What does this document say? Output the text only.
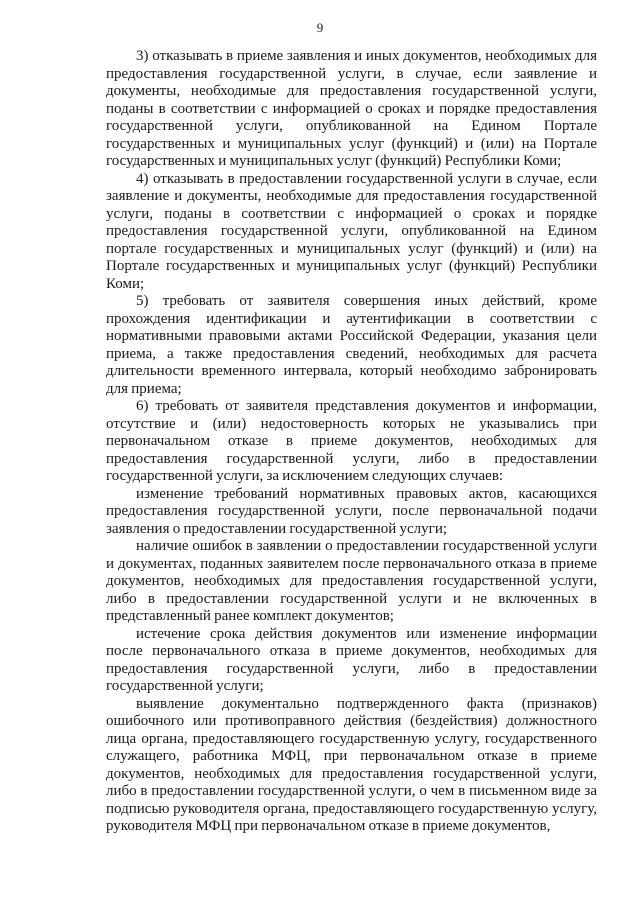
9

3) отказывать в приеме заявления и иных документов, необходимых для предоставления государственной услуги, в случае, если заявление и документы, необходимые для предоставления государственной услуги, поданы в соответствии с информацией о сроках и порядке предоставления государственной услуги, опубликованной на Едином Портале государственных и муниципальных услуг (функций) и (или) на Портале государственных и муниципальных услуг (функций) Республики Коми;

4) отказывать в предоставлении государственной услуги в случае, если заявление и документы, необходимые для предоставления государственной услуги, поданы в соответствии с информацией о сроках и порядке предоставления государственной услуги, опубликованной на Едином портале государственных и муниципальных услуг (функций) и (или) на Портале государственных и муниципальных услуг (функций) Республики Коми;

5) требовать от заявителя совершения иных действий, кроме прохождения идентификации и аутентификации в соответствии с нормативными правовыми актами Российской Федерации, указания цели приема, а также предоставления сведений, необходимых для расчета длительности временного интервала, который необходимо забронировать для приема;

6) требовать от заявителя представления документов и информации, отсутствие и (или) недостоверность которых не указывались при первоначальном отказе в приеме документов, необходимых для предоставления государственной услуги, либо в предоставлении государственной услуги, за исключением следующих случаев:

изменение требований нормативных правовых актов, касающихся предоставления государственной услуги, после первоначальной подачи заявления о предоставлении государственной услуги;

наличие ошибок в заявлении о предоставлении государственной услуги и документах, поданных заявителем после первоначального отказа в приеме документов, необходимых для предоставления государственной услуги, либо в предоставлении государственной услуги и не включенных в представленный ранее комплект документов;

истечение срока действия документов или изменение информации после первоначального отказа в приеме документов, необходимых для предоставления государственной услуги, либо в предоставлении государственной услуги;

выявление документально подтвержденного факта (признаков) ошибочного или противоправного действия (бездействия) должностного лица органа, предоставляющего государственную услугу, государственного служащего, работника МФЦ, при первоначальном отказе в приеме документов, необходимых для предоставления государственной услуги, либо в предоставлении государственной услуги, о чем в письменном виде за подписью руководителя органа, предоставляющего государственную услугу, руководителя МФЦ при первоначальном отказе в приеме документов,
